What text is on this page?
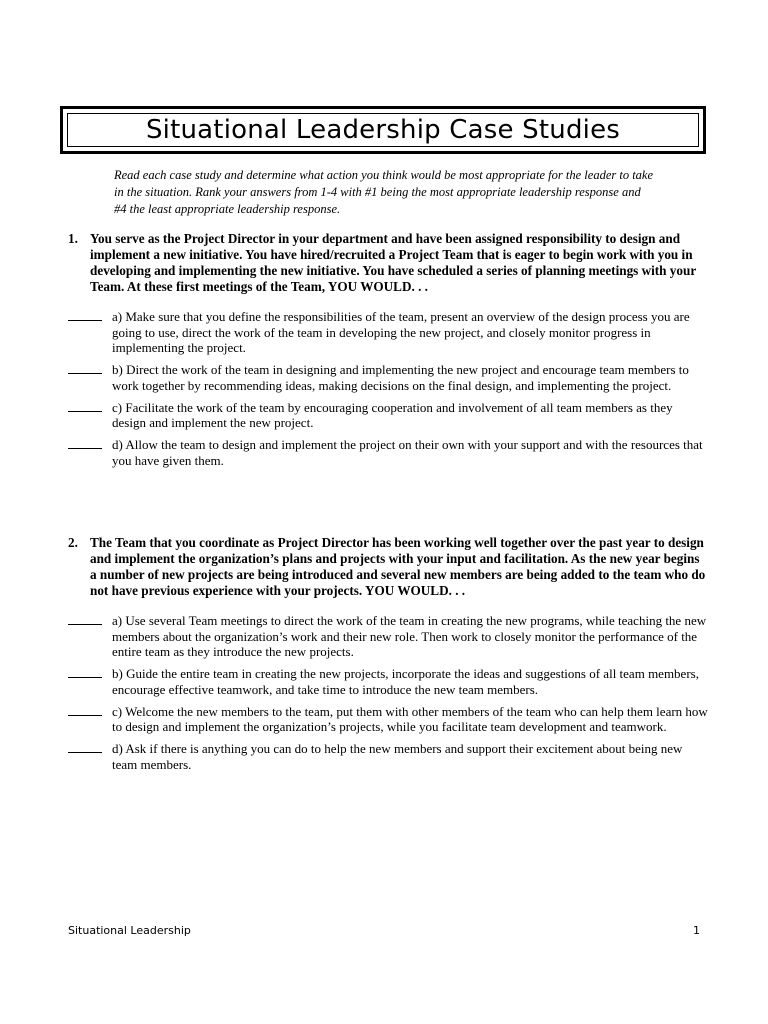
Situational Leadership Case Studies
Read each case study and determine what action you think would be most appropriate for the leader to take in the situation. Rank your answers from 1-4 with #1 being the most appropriate leadership response and #4 the least appropriate leadership response.
1. You serve as the Project Director in your department and have been assigned responsibility to design and implement a new initiative. You have hired/recruited a Project Team that is eager to begin work with you in developing and implementing the new initiative. You have scheduled a series of planning meetings with your Team. At these first meetings of the Team, YOU WOULD. . .
a) Make sure that you define the responsibilities of the team, present an overview of the design process you are going to use, direct the work of the team in developing the new project, and closely monitor progress in implementing the project.
b) Direct the work of the team in designing and implementing the new project and encourage team members to work together by recommending ideas, making decisions on the final design, and implementing the project.
c) Facilitate the work of the team by encouraging cooperation and involvement of all team members as they design and implement the new project.
d) Allow the team to design and implement the project on their own with your support and with the resources that you have given them.
2. The Team that you coordinate as Project Director has been working well together over the past year to design and implement the organization’s plans and projects with your input and facilitation. As the new year begins a number of new projects are being introduced and several new members are being added to the team who do not have previous experience with your projects. YOU WOULD. . .
a) Use several Team meetings to direct the work of the team in creating the new programs, while teaching the new members about the organization’s work and their new role. Then work to closely monitor the performance of the entire team as they introduce the new projects.
b) Guide the entire team in creating the new projects, incorporate the ideas and suggestions of all team members, encourage effective teamwork, and take time to introduce the new team members.
c) Welcome the new members to the team, put them with other members of the team who can help them learn how to design and implement the organization’s projects, while you facilitate team development and teamwork.
d) Ask if there is anything you can do to help the new members and support their excitement about being new team members.
Situational Leadership	1
